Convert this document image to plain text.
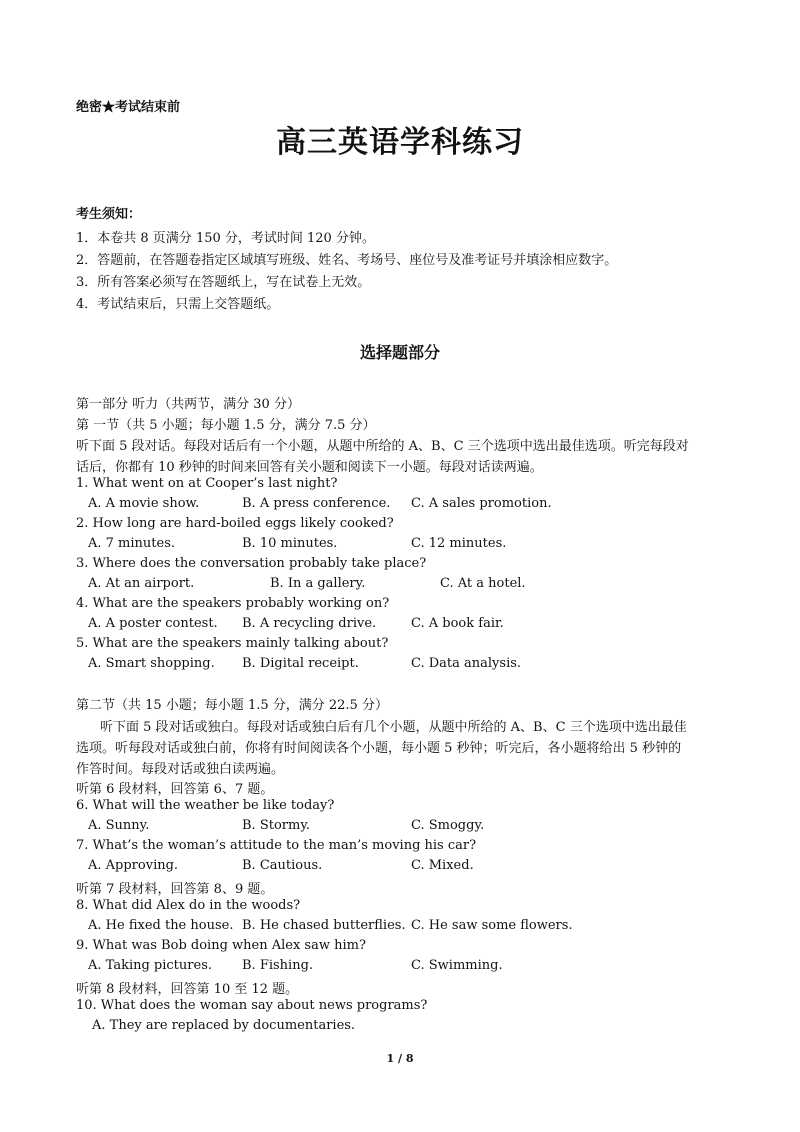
绝密★考试结束前
高三英语学科练习
考生须知：
1．本卷共 8 页满分 150 分，考试时间 120 分钟。
2．答题前，在答题卷指定区域填写班级、姓名、考场号、座位号及准考证号并填涂相应数字。
3．所有答案必须写在答题纸上，写在试卷上无效。
4．考试结束后，只需上交答题纸。
选择题部分
第一部分 听力（共两节，满分 30 分）
第 一节（共 5 小题；每小题 1.5 分，满分 7.5 分）
听下面 5 段对话。每段对话后有一个小题，从题中所给的 A、B、C 三个选项中选出最佳选项。听完每段对
话后，你都有 10 秒钟的时间来回答有关小题和阅读下一小题。每段对话读两遍。
1. What went on at Cooper’s last night?
A. A movie show.	B. A press conference. C. A sales promotion.
2. How long are hard-boiled eggs likely cooked?
A. 7 minutes.	B. 10 minutes.	C. 12 minutes.
3. Where does the conversation probably take place?
A. At an airport.	B. In a gallery.	C. At a hotel.
4. What are the speakers probably working on?
A. A poster contest. B. A recycling drive.	C. A book fair.
5. What are the speakers mainly talking about?
A. Smart shopping. B. Digital receipt.	C. Data analysis.
第二节（共 15 小题；每小题 1.5 分，满分 22.5 分）
听下面 5 段对话或独白。每段对话或独白后有几个小题，从题中所给的 A、B、C 三个选项中选出最佳
选项。听每段对话或独白前，你将有时间阅读各个小题，每小题 5 秒钟；听完后，各小题将给出 5 秒钟的
作答时间。每段对话或独白读两遍。
听第 6 段材料，回答第 6、7 题。
6. What will the weather be like today?
A. Sunny.	B. Stormy.	C. Smoggy.
7. What’s the woman’s attitude to the man’s moving his car?
A. Approving.	B. Cautious.	C. Mixed.
听第 7 段材料，回答第 8、9 题。
8. What did Alex do in the woods?
A. He fixed the house. B. He chased butterflies. C. He saw some flowers.
9. What was Bob doing when Alex saw him?
A. Taking pictures. B. Fishing.	C. Swimming.
听第 8 段材料，回答第 10 至 12 题。
10. What does the woman say about news programs?
A. They are replaced by documentaries.
1 / 8
